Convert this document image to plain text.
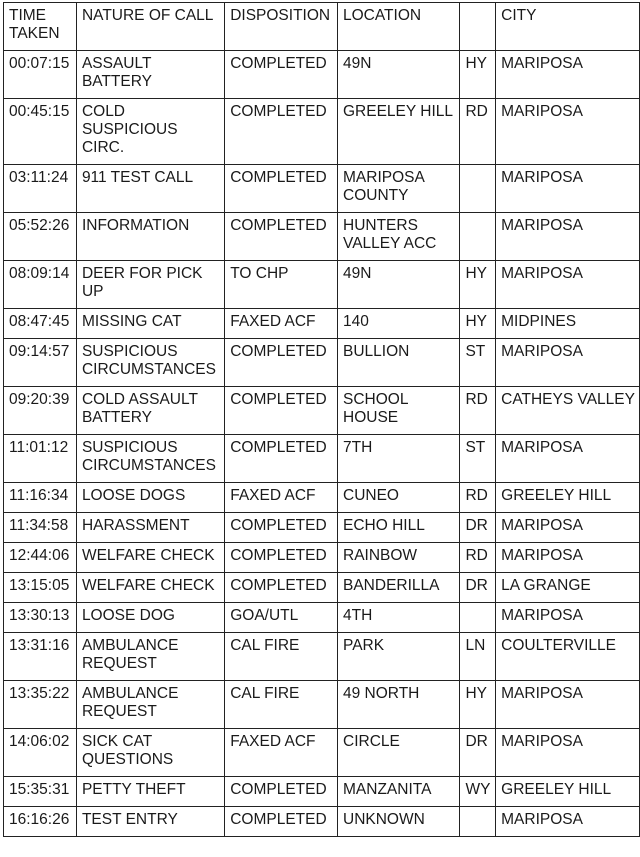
TIME TAKEN	NATURE OF CALL	DISPOSITION	LOCATION		CITY
00:07:15	ASSAULT BATTERY	COMPLETED	49N	HY	MARIPOSA
00:45:15	COLD SUSPICIOUS CIRC.	COMPLETED	GREELEY HILL	RD	MARIPOSA
03:11:24	911 TEST CALL	COMPLETED	MARIPOSA COUNTY		MARIPOSA
05:52:26	INFORMATION	COMPLETED	HUNTERS VALLEY ACC		MARIPOSA
08:09:14	DEER FOR PICK UP	TO CHP	49N	HY	MARIPOSA
08:47:45	MISSING CAT	FAXED ACF	140	HY	MIDPINES
09:14:57	SUSPICIOUS CIRCUMSTANCES	COMPLETED	BULLION	ST	MARIPOSA
09:20:39	COLD ASSAULT BATTERY	COMPLETED	SCHOOL HOUSE	RD	CATHEYS VALLEY
11:01:12	SUSPICIOUS CIRCUMSTANCES	COMPLETED	7TH	ST	MARIPOSA
11:16:34	LOOSE DOGS	FAXED ACF	CUNEO	RD	GREELEY HILL
11:34:58	HARASSMENT	COMPLETED	ECHO HILL	DR	MARIPOSA
12:44:06	WELFARE CHECK	COMPLETED	RAINBOW	RD	MARIPOSA
13:15:05	WELFARE CHECK	COMPLETED	BANDERILLA	DR	LA GRANGE
13:30:13	LOOSE DOG	GOA/UTL	4TH		MARIPOSA
13:31:16	AMBULANCE REQUEST	CAL FIRE	PARK	LN	COULTERVILLE
13:35:22	AMBULANCE REQUEST	CAL FIRE	49 NORTH	HY	MARIPOSA
14:06:02	SICK CAT QUESTIONS	FAXED ACF	CIRCLE	DR	MARIPOSA
15:35:31	PETTY THEFT	COMPLETED	MANZANITA	WY	GREELEY HILL
16:16:26	TEST ENTRY	COMPLETED	UNKNOWN		MARIPOSA
